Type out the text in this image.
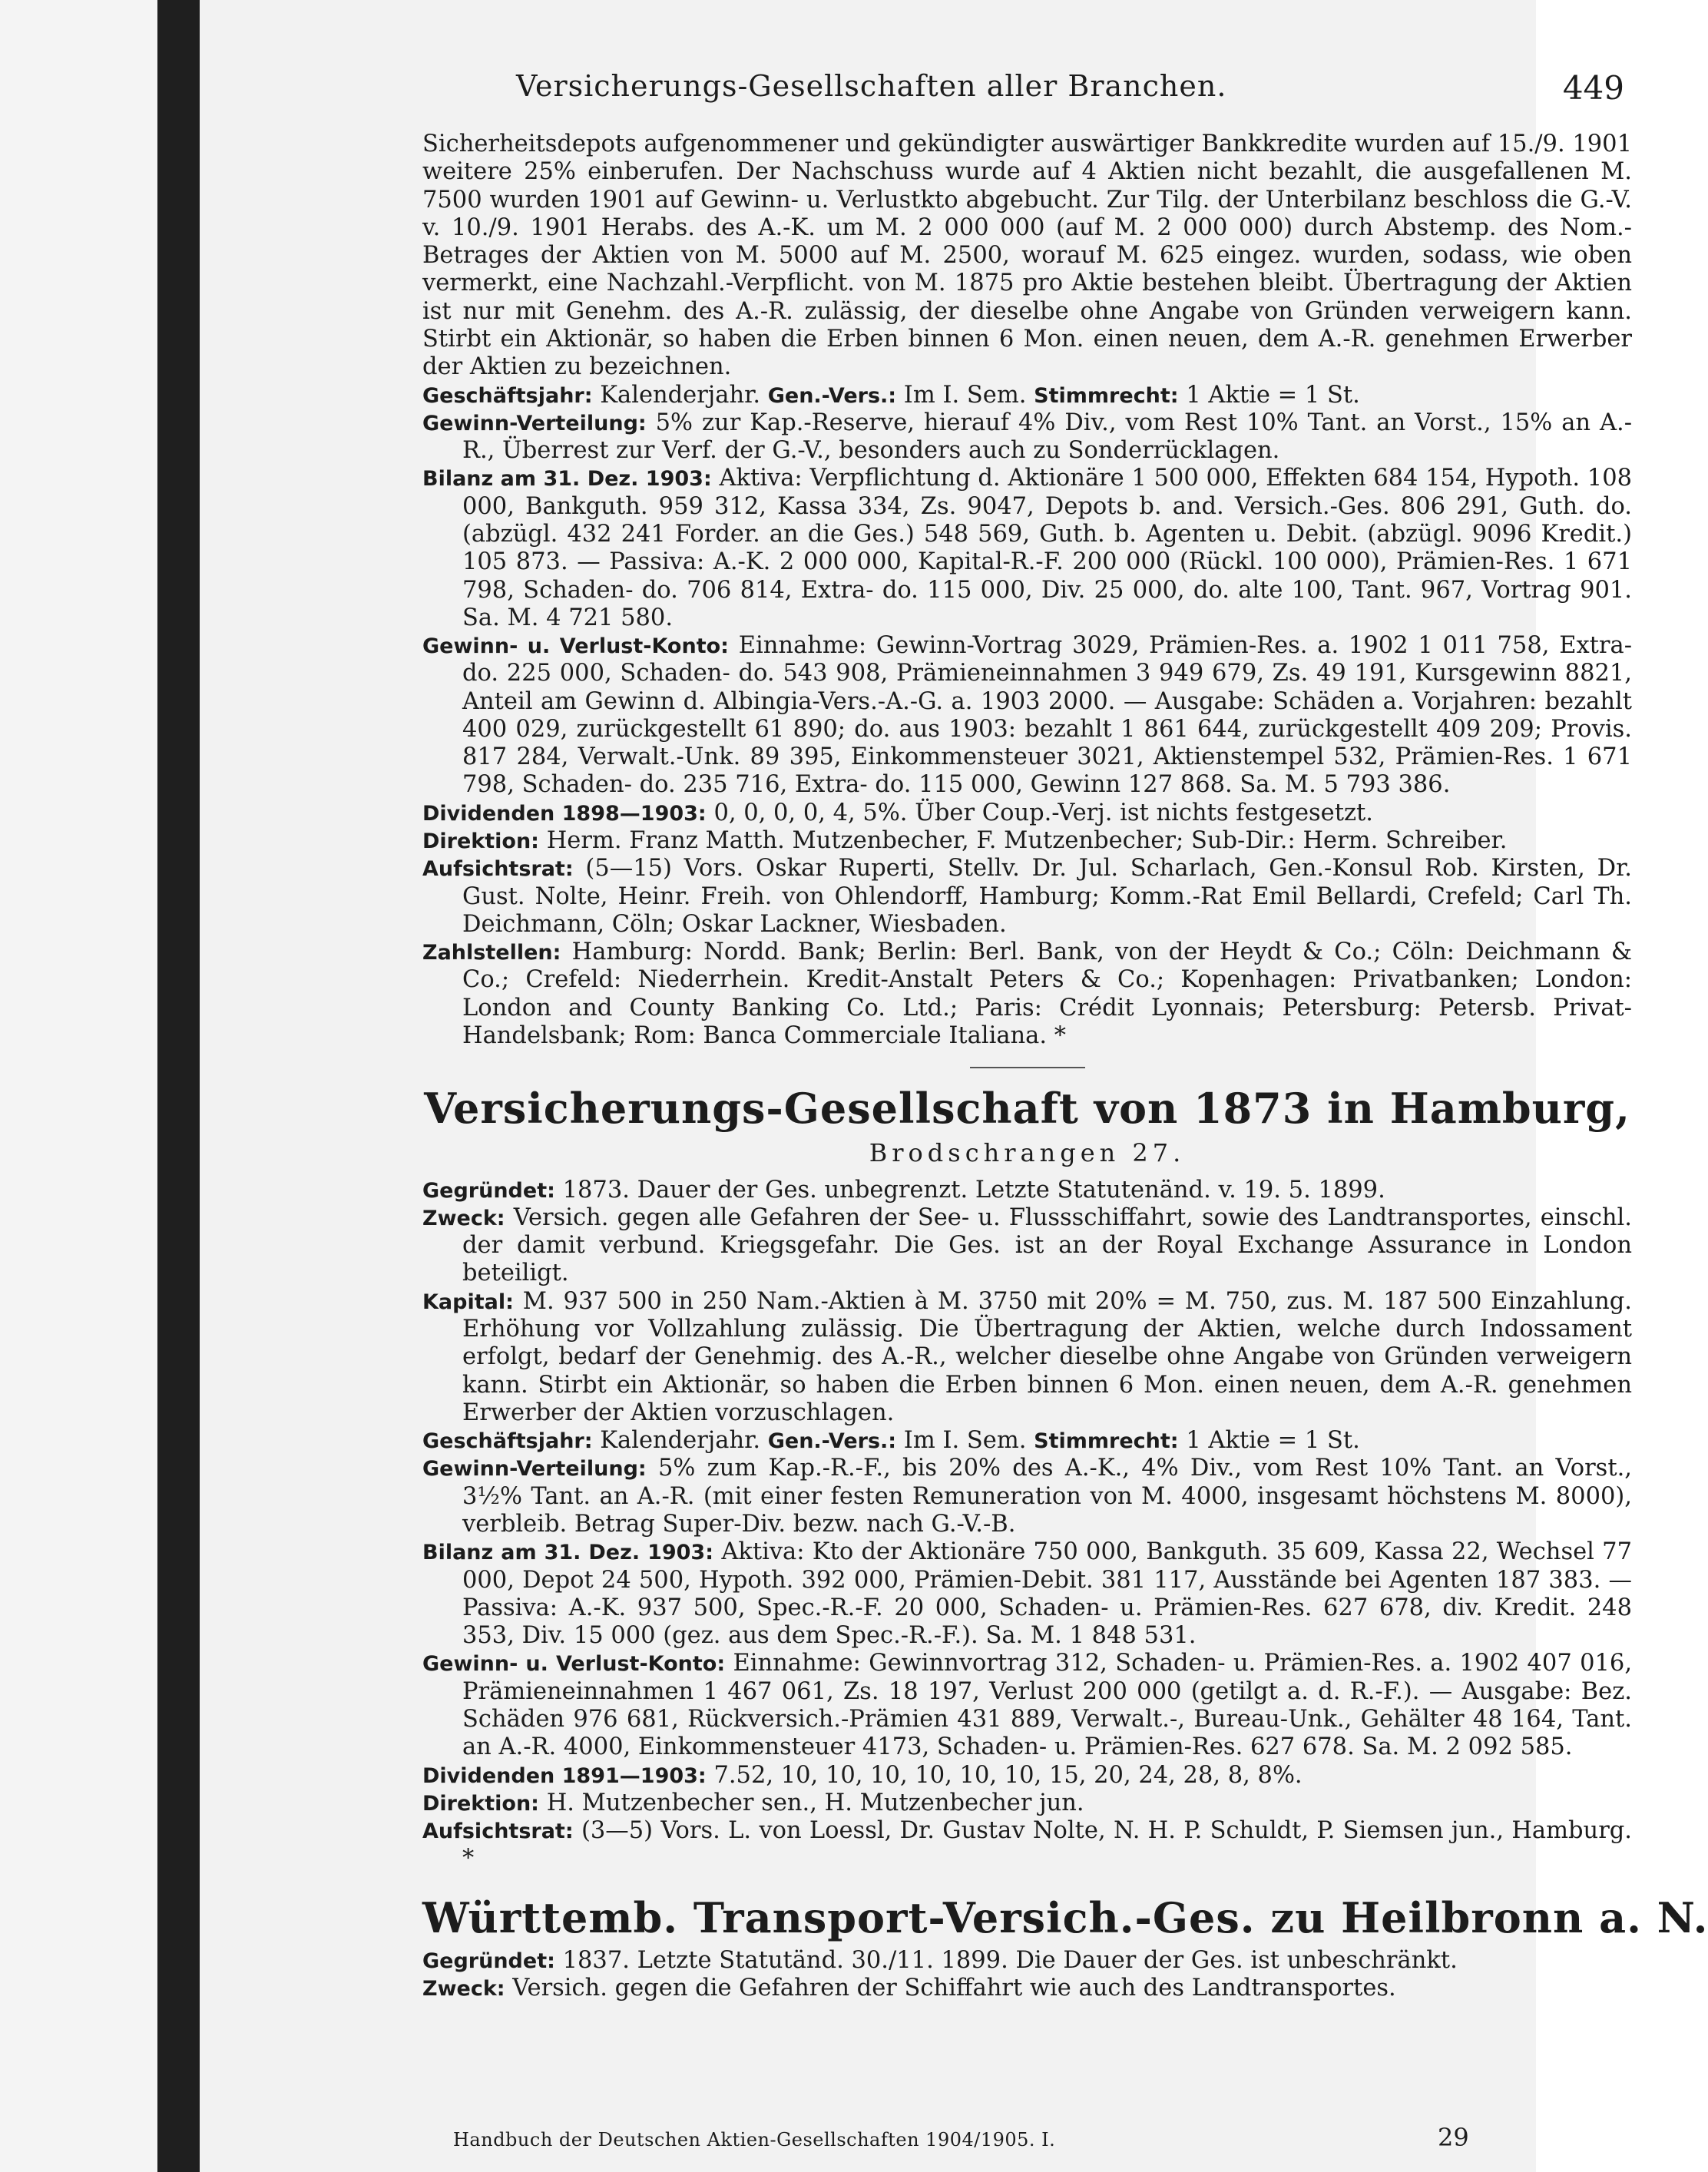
Versicherungs-Gesellschaften aller Branchen.	449

Sicherheitsdepots aufgenommener und gekündigter auswärtiger Bankkredite wurden auf 15./9. 1901 weitere 25% einberufen. Der Nachschuss wurde auf 4 Aktien nicht bezahlt, die ausgefallenen M. 7500 wurden 1901 auf Gewinn- u. Verlustkto abgebucht. Zur Tilg. der Unterbilanz beschloss die G.-V. v. 10./9. 1901 Herabs. des A.-K. um M. 2 000 000 (auf M. 2 000 000) durch Abstemp. des Nom.-Betrages der Aktien von M. 5000 auf M. 2500, worauf M. 625 eingez. wurden, sodass, wie oben vermerkt, eine Nachzahl.-Verpflicht. von M. 1875 pro Aktie bestehen bleibt. Übertragung der Aktien ist nur mit Genehm. des A.-R. zulässig, der dieselbe ohne Angabe von Gründen verweigern kann. Stirbt ein Aktionär, so haben die Erben binnen 6 Mon. einen neuen, dem A.-R. genehmen Erwerber der Aktien zu bezeichnen.

Geschäftsjahr: Kalenderjahr. Gen.-Vers.: Im I. Sem. Stimmrecht: 1 Aktie = 1 St.

Gewinn-Verteilung: 5% zur Kap.-Reserve, hierauf 4% Div., vom Rest 10% Tant. an Vorst., 15% an A.-R., Überrest zur Verf. der G.-V., besonders auch zu Sonderrücklagen.

Bilanz am 31. Dez. 1903: Aktiva: Verpflichtung d. Aktionäre 1 500 000, Effekten 684 154, Hypoth. 108 000, Bankguth. 959 312, Kassa 334, Zs. 9047, Depots b. and. Versich.-Ges. 806 291, Guth. do. (abzügl. 432 241 Forder. an die Ges.) 548 569, Guth. b. Agenten u. Debit. (abzügl. 9096 Kredit.) 105 873. — Passiva: A.-K. 2 000 000, Kapital-R.-F. 200 000 (Rückl. 100 000), Prämien-Res. 1 671 798, Schaden- do. 706 814, Extra- do. 115 000, Div. 25 000, do. alte 100, Tant. 967, Vortrag 901. Sa. M. 4 721 580.

Gewinn- u. Verlust-Konto: Einnahme: Gewinn-Vortrag 3029, Prämien-Res. a. 1902 1 011 758, Extra- do. 225 000, Schaden- do. 543 908, Prämieneinnahmen 3 949 679, Zs. 49 191, Kursgewinn 8821, Anteil am Gewinn d. Albingia-Vers.-A.-G. a. 1903 2000. — Ausgabe: Schäden a. Vorjahren: bezahlt 400 029, zurückgestellt 61 890; do. aus 1903: bezahlt 1 861 644, zurückgestellt 409 209; Provis. 817 284, Verwalt.-Unk. 89 395, Einkommensteuer 3021, Aktienstempel 532, Prämien-Res. 1 671 798, Schaden- do. 235 716, Extra- do. 115 000, Gewinn 127 868. Sa. M. 5 793 386.

Dividenden 1898—1903: 0, 0, 0, 0, 4, 5%. Über Coup.-Verj. ist nichts festgesetzt.

Direktion: Herm. Franz Matth. Mutzenbecher, F. Mutzenbecher; Sub-Dir.: Herm. Schreiber.

Aufsichtsrat: (5—15) Vors. Oskar Ruperti, Stellv. Dr. Jul. Scharlach, Gen.-Konsul Rob. Kirsten, Dr. Gust. Nolte, Heinr. Freih. von Ohlendorff, Hamburg; Komm.-Rat Emil Bellardi, Crefeld; Carl Th. Deichmann, Cöln; Oskar Lackner, Wiesbaden.

Zahlstellen: Hamburg: Nordd. Bank; Berlin: Berl. Bank, von der Heydt & Co.; Cöln: Deichmann & Co.; Crefeld: Niederrhein. Kredit-Anstalt Peters & Co.; Kopenhagen: Privatbanken; London: London and County Banking Co. Ltd.; Paris: Crédit Lyonnais; Petersburg: Petersb. Privat-Handelsbank; Rom: Banca Commerciale Italiana. *

Versicherungs-Gesellschaft von 1873 in Hamburg,
Brodschrangen 27.

Gegründet: 1873. Dauer der Ges. unbegrenzt. Letzte Statutenänd. v. 19. 5. 1899.

Zweck: Versich. gegen alle Gefahren der See- u. Flussschiffahrt, sowie des Landtransportes, einschl. der damit verbund. Kriegsgefahr. Die Ges. ist an der Royal Exchange Assurance in London beteiligt.

Kapital: M. 937 500 in 250 Nam.-Aktien à M. 3750 mit 20% = M. 750, zus. M. 187 500 Einzahlung. Erhöhung vor Vollzahlung zulässig. Die Übertragung der Aktien, welche durch Indossament erfolgt, bedarf der Genehmig. des A.-R., welcher dieselbe ohne Angabe von Gründen verweigern kann. Stirbt ein Aktionär, so haben die Erben binnen 6 Mon. einen neuen, dem A.-R. genehmen Erwerber der Aktien vorzuschlagen.

Geschäftsjahr: Kalenderjahr. Gen.-Vers.: Im I. Sem. Stimmrecht: 1 Aktie = 1 St.

Gewinn-Verteilung: 5% zum Kap.-R.-F., bis 20% des A.-K., 4% Div., vom Rest 10% Tant. an Vorst., 3½% Tant. an A.-R. (mit einer festen Remuneration von M. 4000, insgesamt höchstens M. 8000), verbleib. Betrag Super-Div. bezw. nach G.-V.-B.

Bilanz am 31. Dez. 1903: Aktiva: Kto der Aktionäre 750 000, Bankguth. 35 609, Kassa 22, Wechsel 77 000, Depot 24 500, Hypoth. 392 000, Prämien-Debit. 381 117, Ausstände bei Agenten 187 383. — Passiva: A.-K. 937 500, Spec.-R.-F. 20 000, Schaden- u. Prämien-Res. 627 678, div. Kredit. 248 353, Div. 15 000 (gez. aus dem Spec.-R.-F.). Sa. M. 1 848 531.

Gewinn- u. Verlust-Konto: Einnahme: Gewinnvortrag 312, Schaden- u. Prämien-Res. a. 1902 407 016, Prämieneinnahmen 1 467 061, Zs. 18 197, Verlust 200 000 (getilgt a. d. R.-F.). — Ausgabe: Bez. Schäden 976 681, Rückversich.-Prämien 431 889, Verwalt.-, Bureau-Unk., Gehälter 48 164, Tant. an A.-R. 4000, Einkommensteuer 4173, Schaden- u. Prämien-Res. 627 678. Sa. M. 2 092 585.

Dividenden 1891—1903: 7.52, 10, 10, 10, 10, 10, 10, 15, 20, 24, 28, 8, 8%.

Direktion: H. Mutzenbecher sen., H. Mutzenbecher jun.

Aufsichtsrat: (3—5) Vors. L. von Loessl, Dr. Gustav Nolte, N. H. P. Schuldt, P. Siemsen jun., Hamburg. *

Württemb. Transport-Versich.-Ges. zu Heilbronn a. N.

Gegründet: 1837. Letzte Statutänd. 30./11. 1899. Die Dauer der Ges. ist unbeschränkt.

Zweck: Versich. gegen die Gefahren der Schiffahrt wie auch des Landtransportes.

Handbuch der Deutschen Aktien-Gesellschaften 1904/1905. I.	29
